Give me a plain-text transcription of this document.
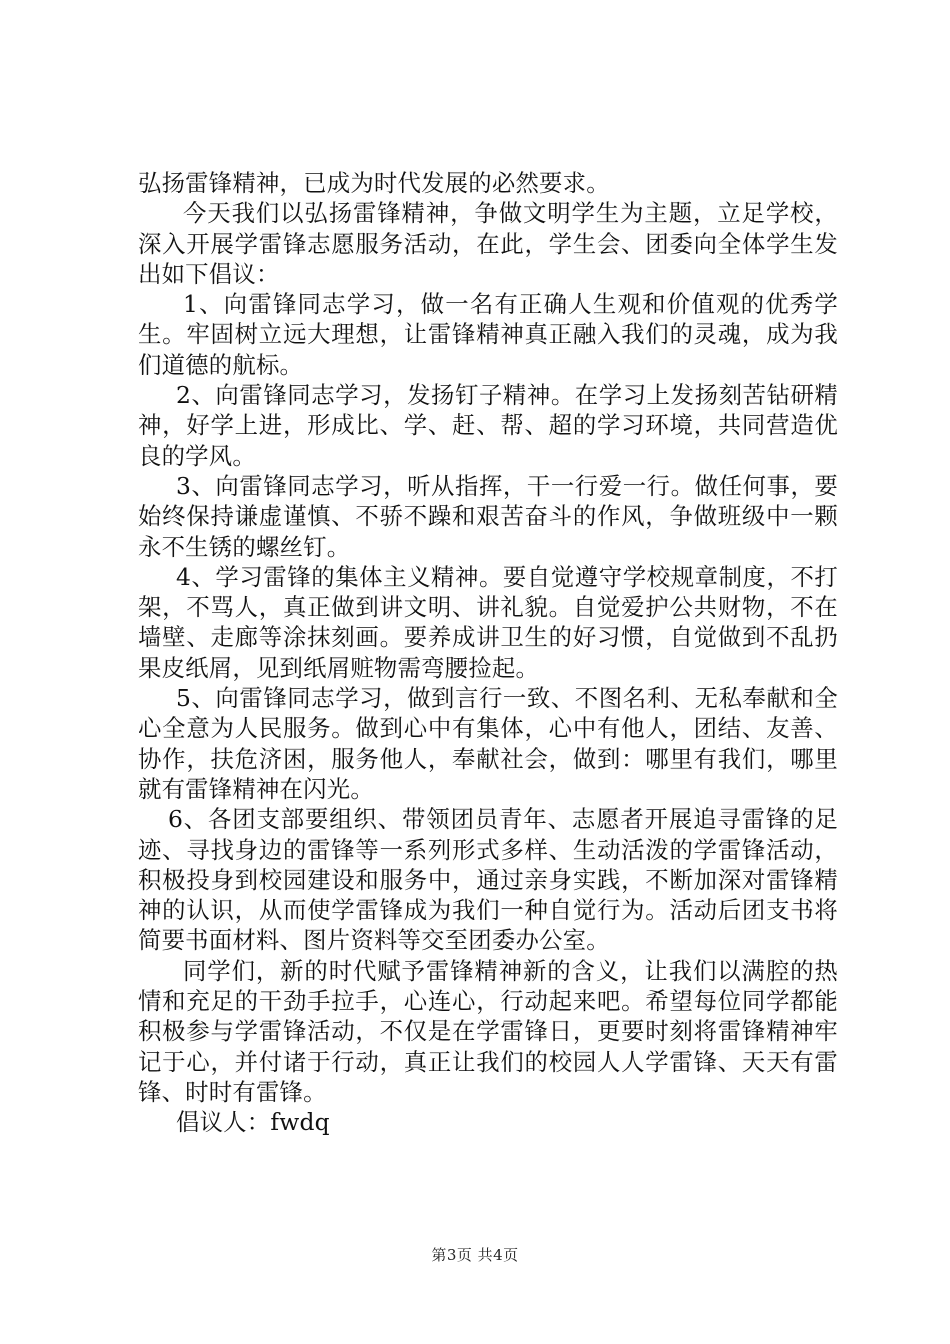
弘扬雷锋精神，已成为时代发展的必然要求。

今天我们以弘扬雷锋精神，争做文明学生为主题，立足学校，深入开展学雷锋志愿服务活动，在此，学生会、团委向全体学生发出如下倡议：

1、向雷锋同志学习，做一名有正确人生观和价值观的优秀学生。牢固树立远大理想，让雷锋精神真正融入我们的灵魂，成为我们道德的航标。

2、向雷锋同志学习，发扬钉子精神。在学习上发扬刻苦钻研精神，好学上进，形成比、学、赶、帮、超的学习环境，共同营造优良的学风。

3、向雷锋同志学习，听从指挥，干一行爱一行。做任何事，要始终保持谦虚谨慎、不骄不躁和艰苦奋斗的作风，争做班级中一颗永不生锈的螺丝钉。

4、学习雷锋的集体主义精神。要自觉遵守学校规章制度，不打架，不骂人，真正做到讲文明、讲礼貌。自觉爱护公共财物，不在墙壁、走廊等涂抹刻画。要养成讲卫生的好习惯，自觉做到不乱扔果皮纸屑，见到纸屑赃物需弯腰捡起。

5、向雷锋同志学习，做到言行一致、不图名利、无私奉献和全心全意为人民服务。做到心中有集体，心中有他人，团结、友善、协作，扶危济困，服务他人，奉献社会，做到：哪里有我们，哪里就有雷锋精神在闪光。

6、各团支部要组织、带领团员青年、志愿者开展追寻雷锋的足迹、寻找身边的雷锋等一系列形式多样、生动活泼的学雷锋活动，积极投身到校园建设和服务中，通过亲身实践，不断加深对雷锋精神的认识，从而使学雷锋成为我们一种自觉行为。活动后团支书将简要书面材料、图片资料等交至团委办公室。

同学们，新的时代赋予雷锋精神新的含义，让我们以满腔的热情和充足的干劲手拉手，心连心，行动起来吧。希望每位同学都能积极参与学雷锋活动，不仅是在学雷锋日，更要时刻将雷锋精神牢记于心，并付诸于行动，真正让我们的校园人人学雷锋、天天有雷锋、时时有雷锋。

倡议人：fwdq

第3页 共4页
